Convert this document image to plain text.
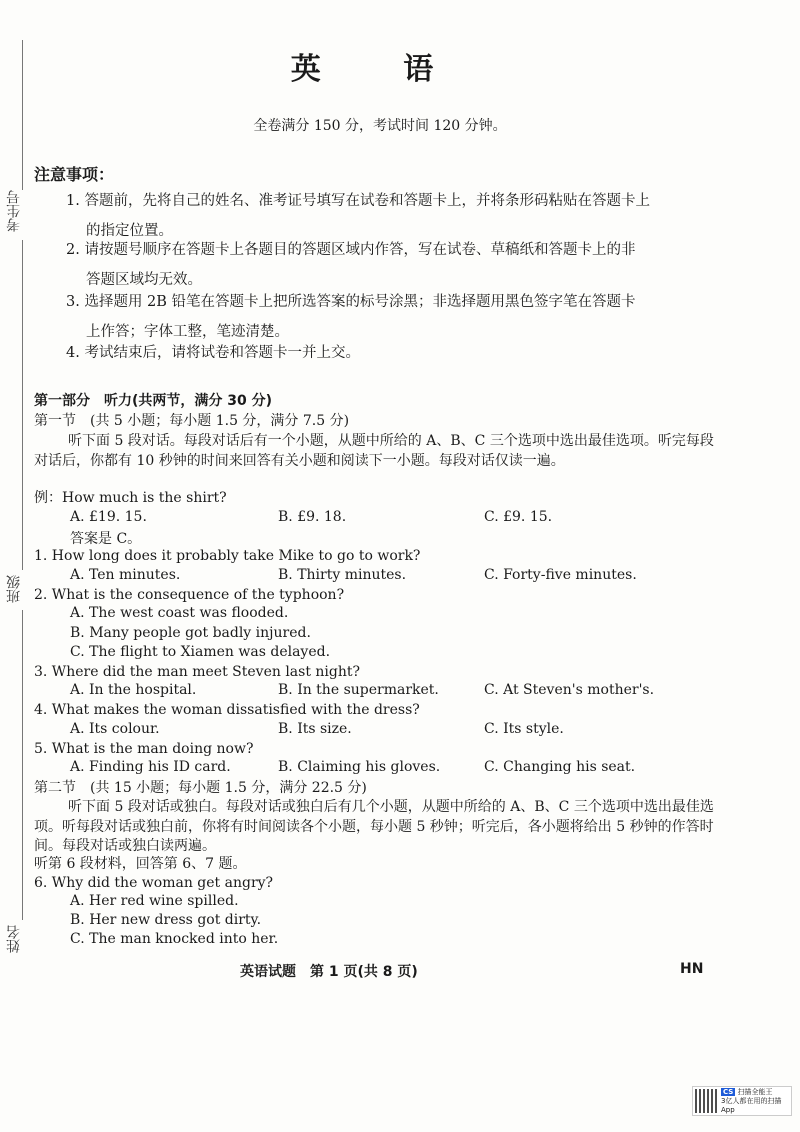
考生号
班级
姓名
英 语
全卷满分 150 分，考试时间 120 分钟。
注意事项：
1. 答题前，先将自己的姓名、准考证号填写在试卷和答题卡上，并将条形码粘贴在答题卡上
的指定位置。
2. 请按题号顺序在答题卡上各题目的答题区域内作答，写在试卷、草稿纸和答题卡上的非
答题区域均无效。
3. 选择题用 2B 铅笔在答题卡上把所选答案的标号涂黑；非选择题用黑色签字笔在答题卡
上作答；字体工整，笔迹清楚。
4. 考试结束后，请将试卷和答题卡一并上交。
第一部分　听力(共两节，满分 30 分)
第一节　(共 5 小题；每小题 1.5 分，满分 7.5 分)
听下面 5 段对话。每段对话后有一个小题，从题中所给的 A、B、C 三个选项中选出最佳选项。听完每段对话后，你都有 10 秒钟的时间来回答有关小题和阅读下一小题。每段对话仅读一遍。
例：How much is the shirt?
A. £19. 15.	B. £9. 18.	C. £9. 15.
答案是 C。
1. How long does it probably take Mike to go to work?
A. Ten minutes.	B. Thirty minutes.	C. Forty-five minutes.
2. What is the consequence of the typhoon?
A. The west coast was flooded.
B. Many people got badly injured.
C. The flight to Xiamen was delayed.
3. Where did the man meet Steven last night?
A. In the hospital.	B. In the supermarket.	C. At Steven's mother's.
4. What makes the woman dissatisfied with the dress?
A. Its colour.	B. Its size.	C. Its style.
5. What is the man doing now?
A. Finding his ID card.	B. Claiming his gloves.	C. Changing his seat.
第二节　(共 15 小题；每小题 1.5 分，满分 22.5 分)
听下面 5 段对话或独白。每段对话或独白后有几个小题，从题中所给的 A、B、C 三个选项中选出最佳选项。听每段对话或独白前，你将有时间阅读各个小题，每小题 5 秒钟；听完后，各小题将给出 5 秒钟的作答时间。每段对话或独白读两遍。
听第 6 段材料，回答第 6、7 题。
6. Why did the woman get angry?
A. Her red wine spilled.
B. Her new dress got dirty.
C. The man knocked into her.
英语试题　第 1 页(共 8 页)	HN
CS 扫描全能王
3亿人都在用的扫描App
